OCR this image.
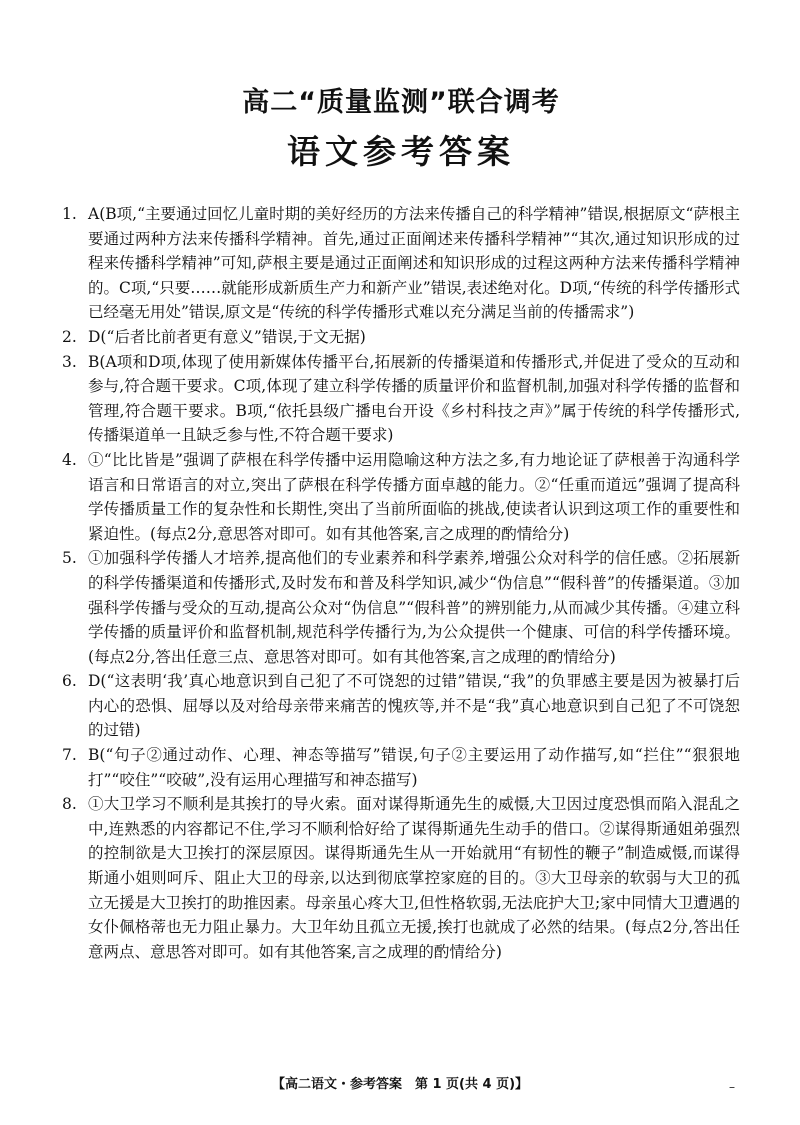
高二“质量监测”联合调考
语文参考答案
1. A(B项,“主要通过回忆儿童时期的美好经历的方法来传播自己的科学精神”错误,根据原文“萨根主要通过两种方法来传播科学精神。首先,通过正面阐述来传播科学精神”“其次,通过知识形成的过程来传播科学精神”可知,萨根主要是通过正面阐述和知识形成的过程这两种方法来传播科学精神的。C项,“只要……就能形成新质生产力和新产业”错误,表述绝对化。D项,“传统的科学传播形式已经毫无用处”错误,原文是“传统的科学传播形式难以充分满足当前的传播需求”)
2. D(“后者比前者更有意义”错误,于文无据)
3. B(A项和D项,体现了使用新媒体传播平台,拓展新的传播渠道和传播形式,并促进了受众的互动和参与,符合题干要求。C项,体现了建立科学传播的质量评价和监督机制,加强对科学传播的监督和管理,符合题干要求。B项,“依托县级广播电台开设《乡村科技之声》”属于传统的科学传播形式,传播渠道单一且缺乏参与性,不符合题干要求)
4. ①“比比皆是”强调了萨根在科学传播中运用隐喻这种方法之多,有力地论证了萨根善于沟通科学语言和日常语言的对立,突出了萨根在科学传播方面卓越的能力。②“任重而道远”强调了提高科学传播质量工作的复杂性和长期性,突出了当前所面临的挑战,使读者认识到这项工作的重要性和紧迫性。(每点2分,意思答对即可。如有其他答案,言之成理的酌情给分)
5. ①加强科学传播人才培养,提高他们的专业素养和科学素养,增强公众对科学的信任感。②拓展新的科学传播渠道和传播形式,及时发布和普及科学知识,减少“伪信息”“假科普”的传播渠道。③加强科学传播与受众的互动,提高公众对“伪信息”“假科普”的辨别能力,从而减少其传播。④建立科学传播的质量评价和监督机制,规范科学传播行为,为公众提供一个健康、可信的科学传播环境。(每点2分,答出任意三点、意思答对即可。如有其他答案,言之成理的酌情给分)
6. D(“这表明‘我’真心地意识到自己犯了不可饶恕的过错”错误,“我”的负罪感主要是因为被暴打后内心的恐惧、屈辱以及对给母亲带来痛苦的愧疚等,并不是“我”真心地意识到自己犯了不可饶恕的过错)
7. B(“句子②通过动作、心理、神态等描写”错误,句子②主要运用了动作描写,如“拦住”“狠狠地打”“咬住”“咬破”,没有运用心理描写和神态描写)
8. ①大卫学习不顺利是其挨打的导火索。面对谋得斯通先生的威慑,大卫因过度恐惧而陷入混乱之中,连熟悉的内容都记不住,学习不顺利恰好给了谋得斯通先生动手的借口。②谋得斯通姐弟强烈的控制欲是大卫挨打的深层原因。谋得斯通先生从一开始就用“有韧性的鞭子”制造威慑,而谋得斯通小姐则呵斥、阻止大卫的母亲,以达到彻底掌控家庭的目的。③大卫母亲的软弱与大卫的孤立无援是大卫挨打的助推因素。母亲虽心疼大卫,但性格软弱,无法庇护大卫;家中同情大卫遭遇的女仆佩格蒂也无力阻止暴力。大卫年幼且孤立无援,挨打也就成了必然的结果。(每点2分,答出任意两点、意思答对即可。如有其他答案,言之成理的酌情给分)
【高二语文・参考答案　第 1 页(共 4 页)】	–
